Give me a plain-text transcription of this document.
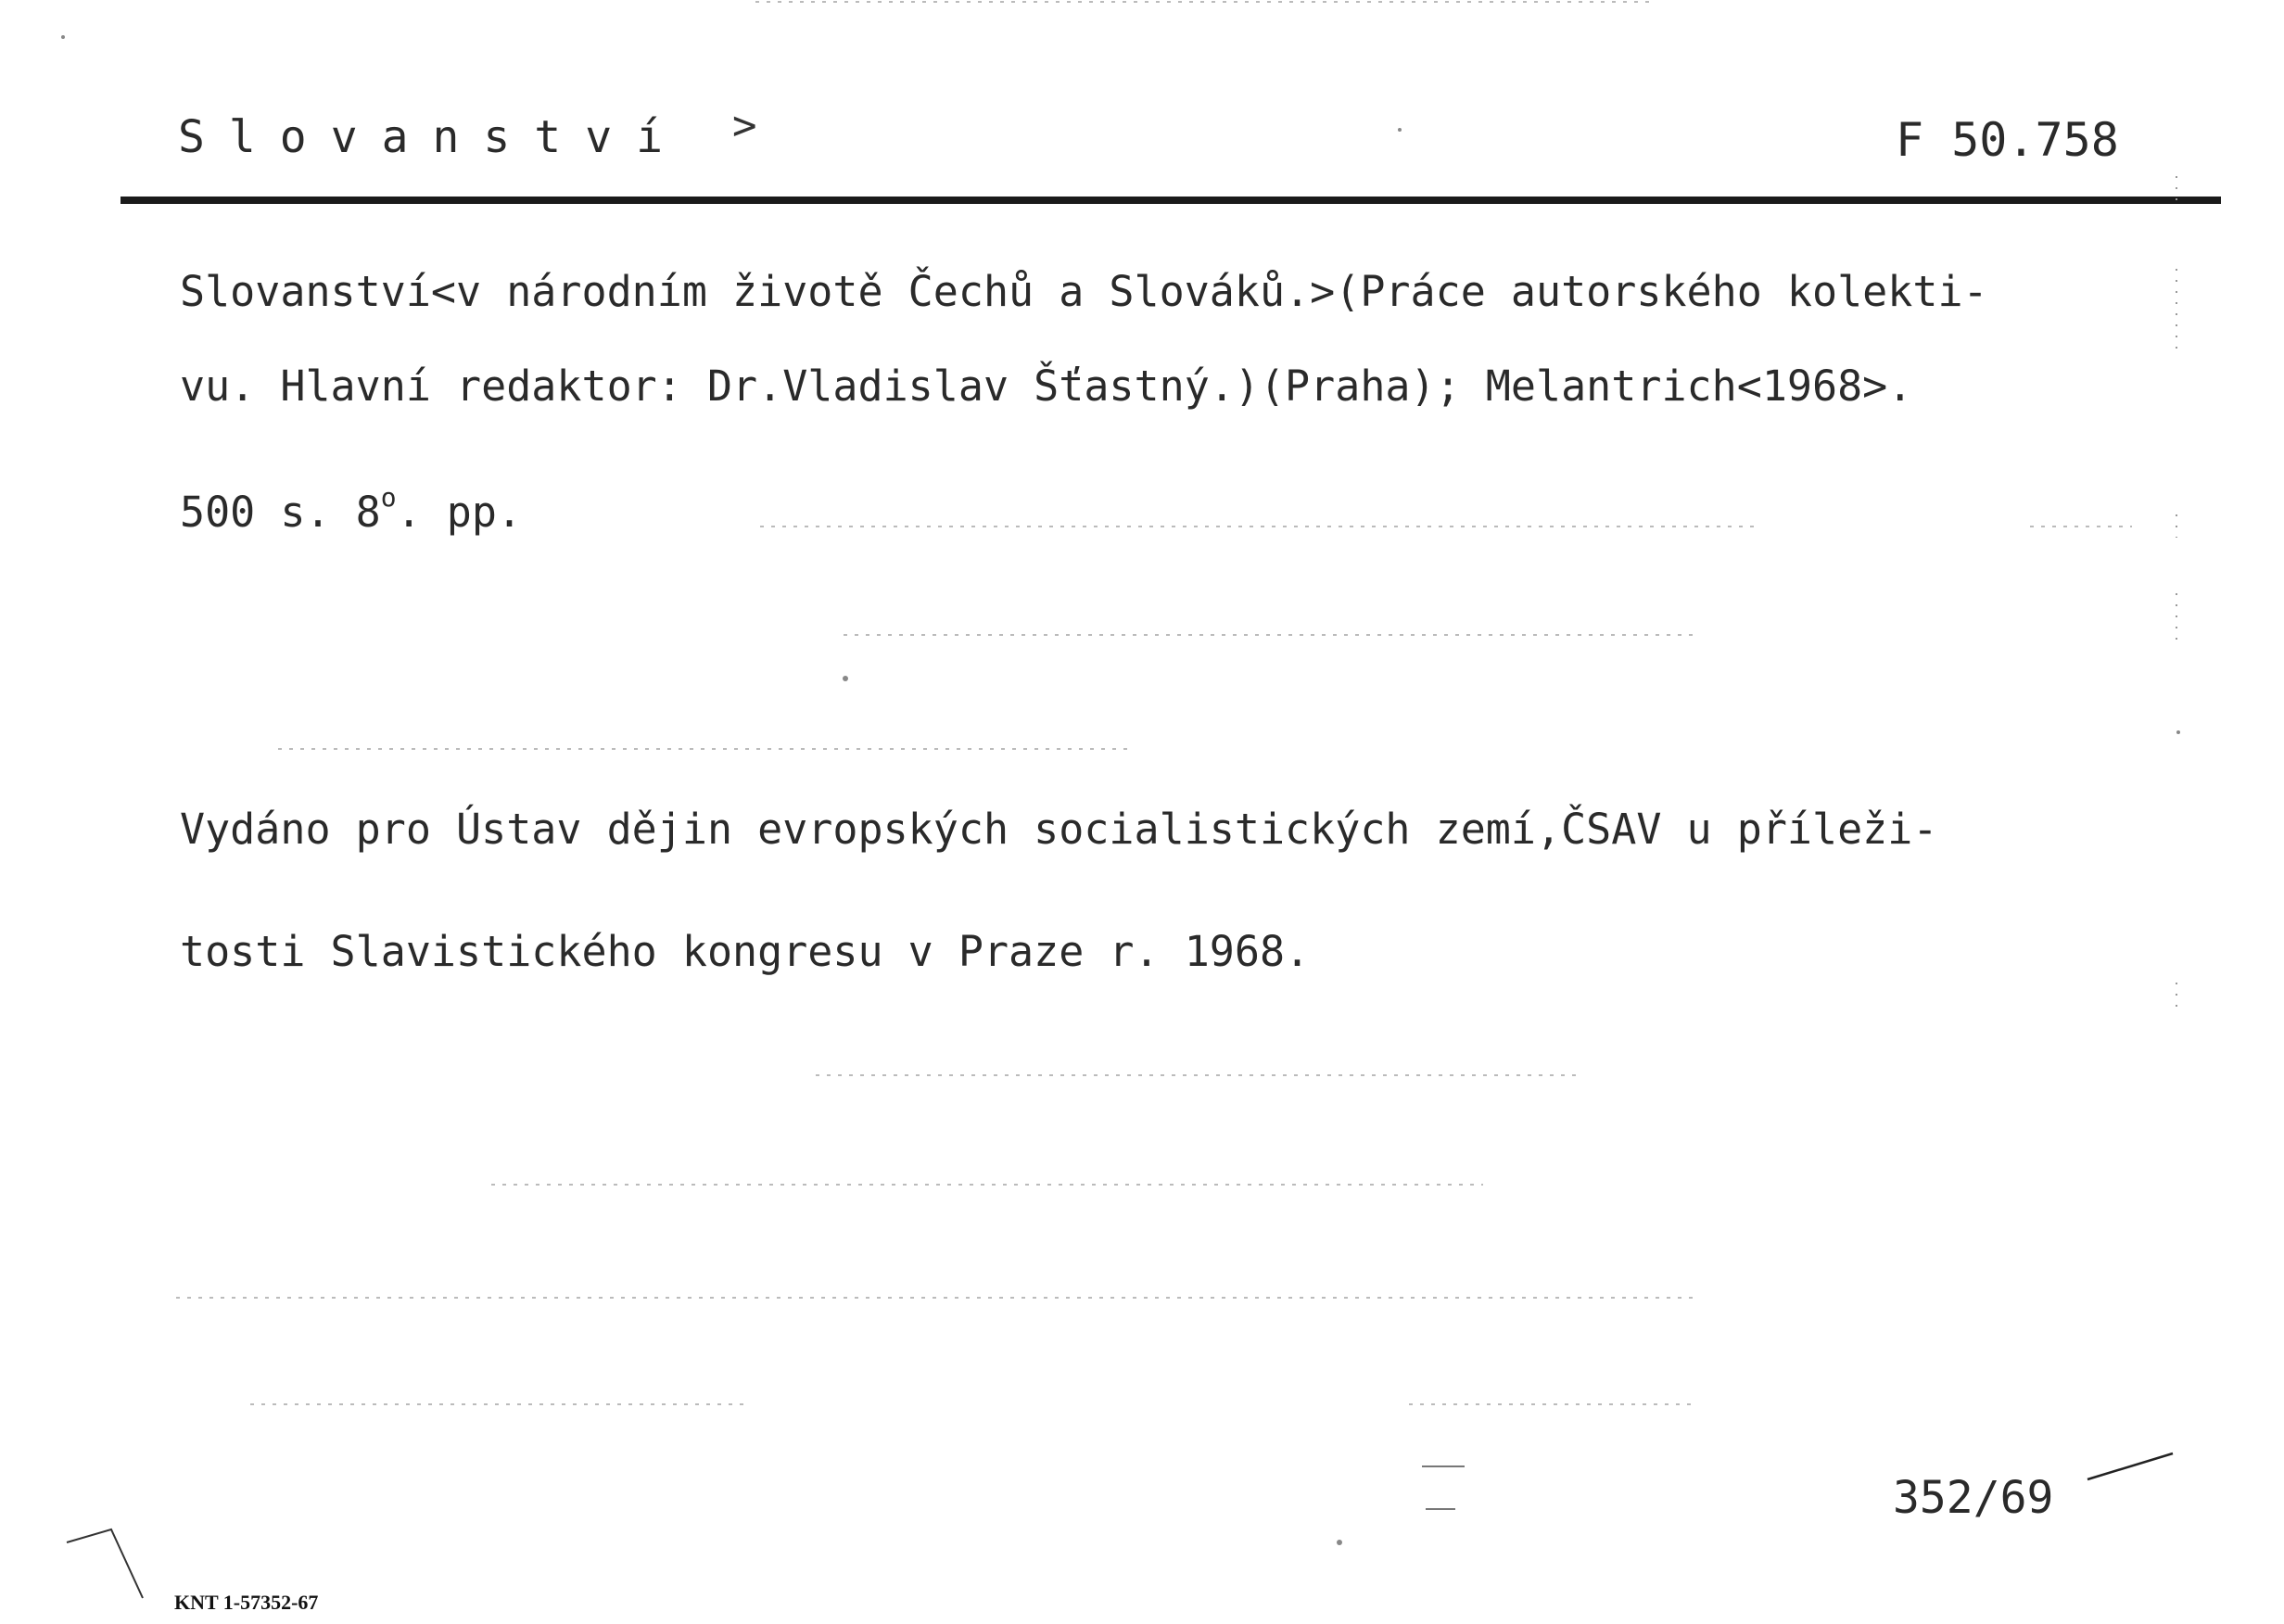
Slovanství >	F 50.758
Slovanství<v národním životě Čechů a Slováků.>(Práce autorského kolekti-
vu. Hlavní redaktor: Dr.Vladislav Šťastný.)(Praha); Melantrich<1968>.
500 s. 8$^o$. pp.
Vydáno pro Ústav dějin evropských socialistických zemí,ČSAV u příleži-
tosti Slavistického kongresu v Praze r. 1968.
352/69
KNT 1-57352-67
